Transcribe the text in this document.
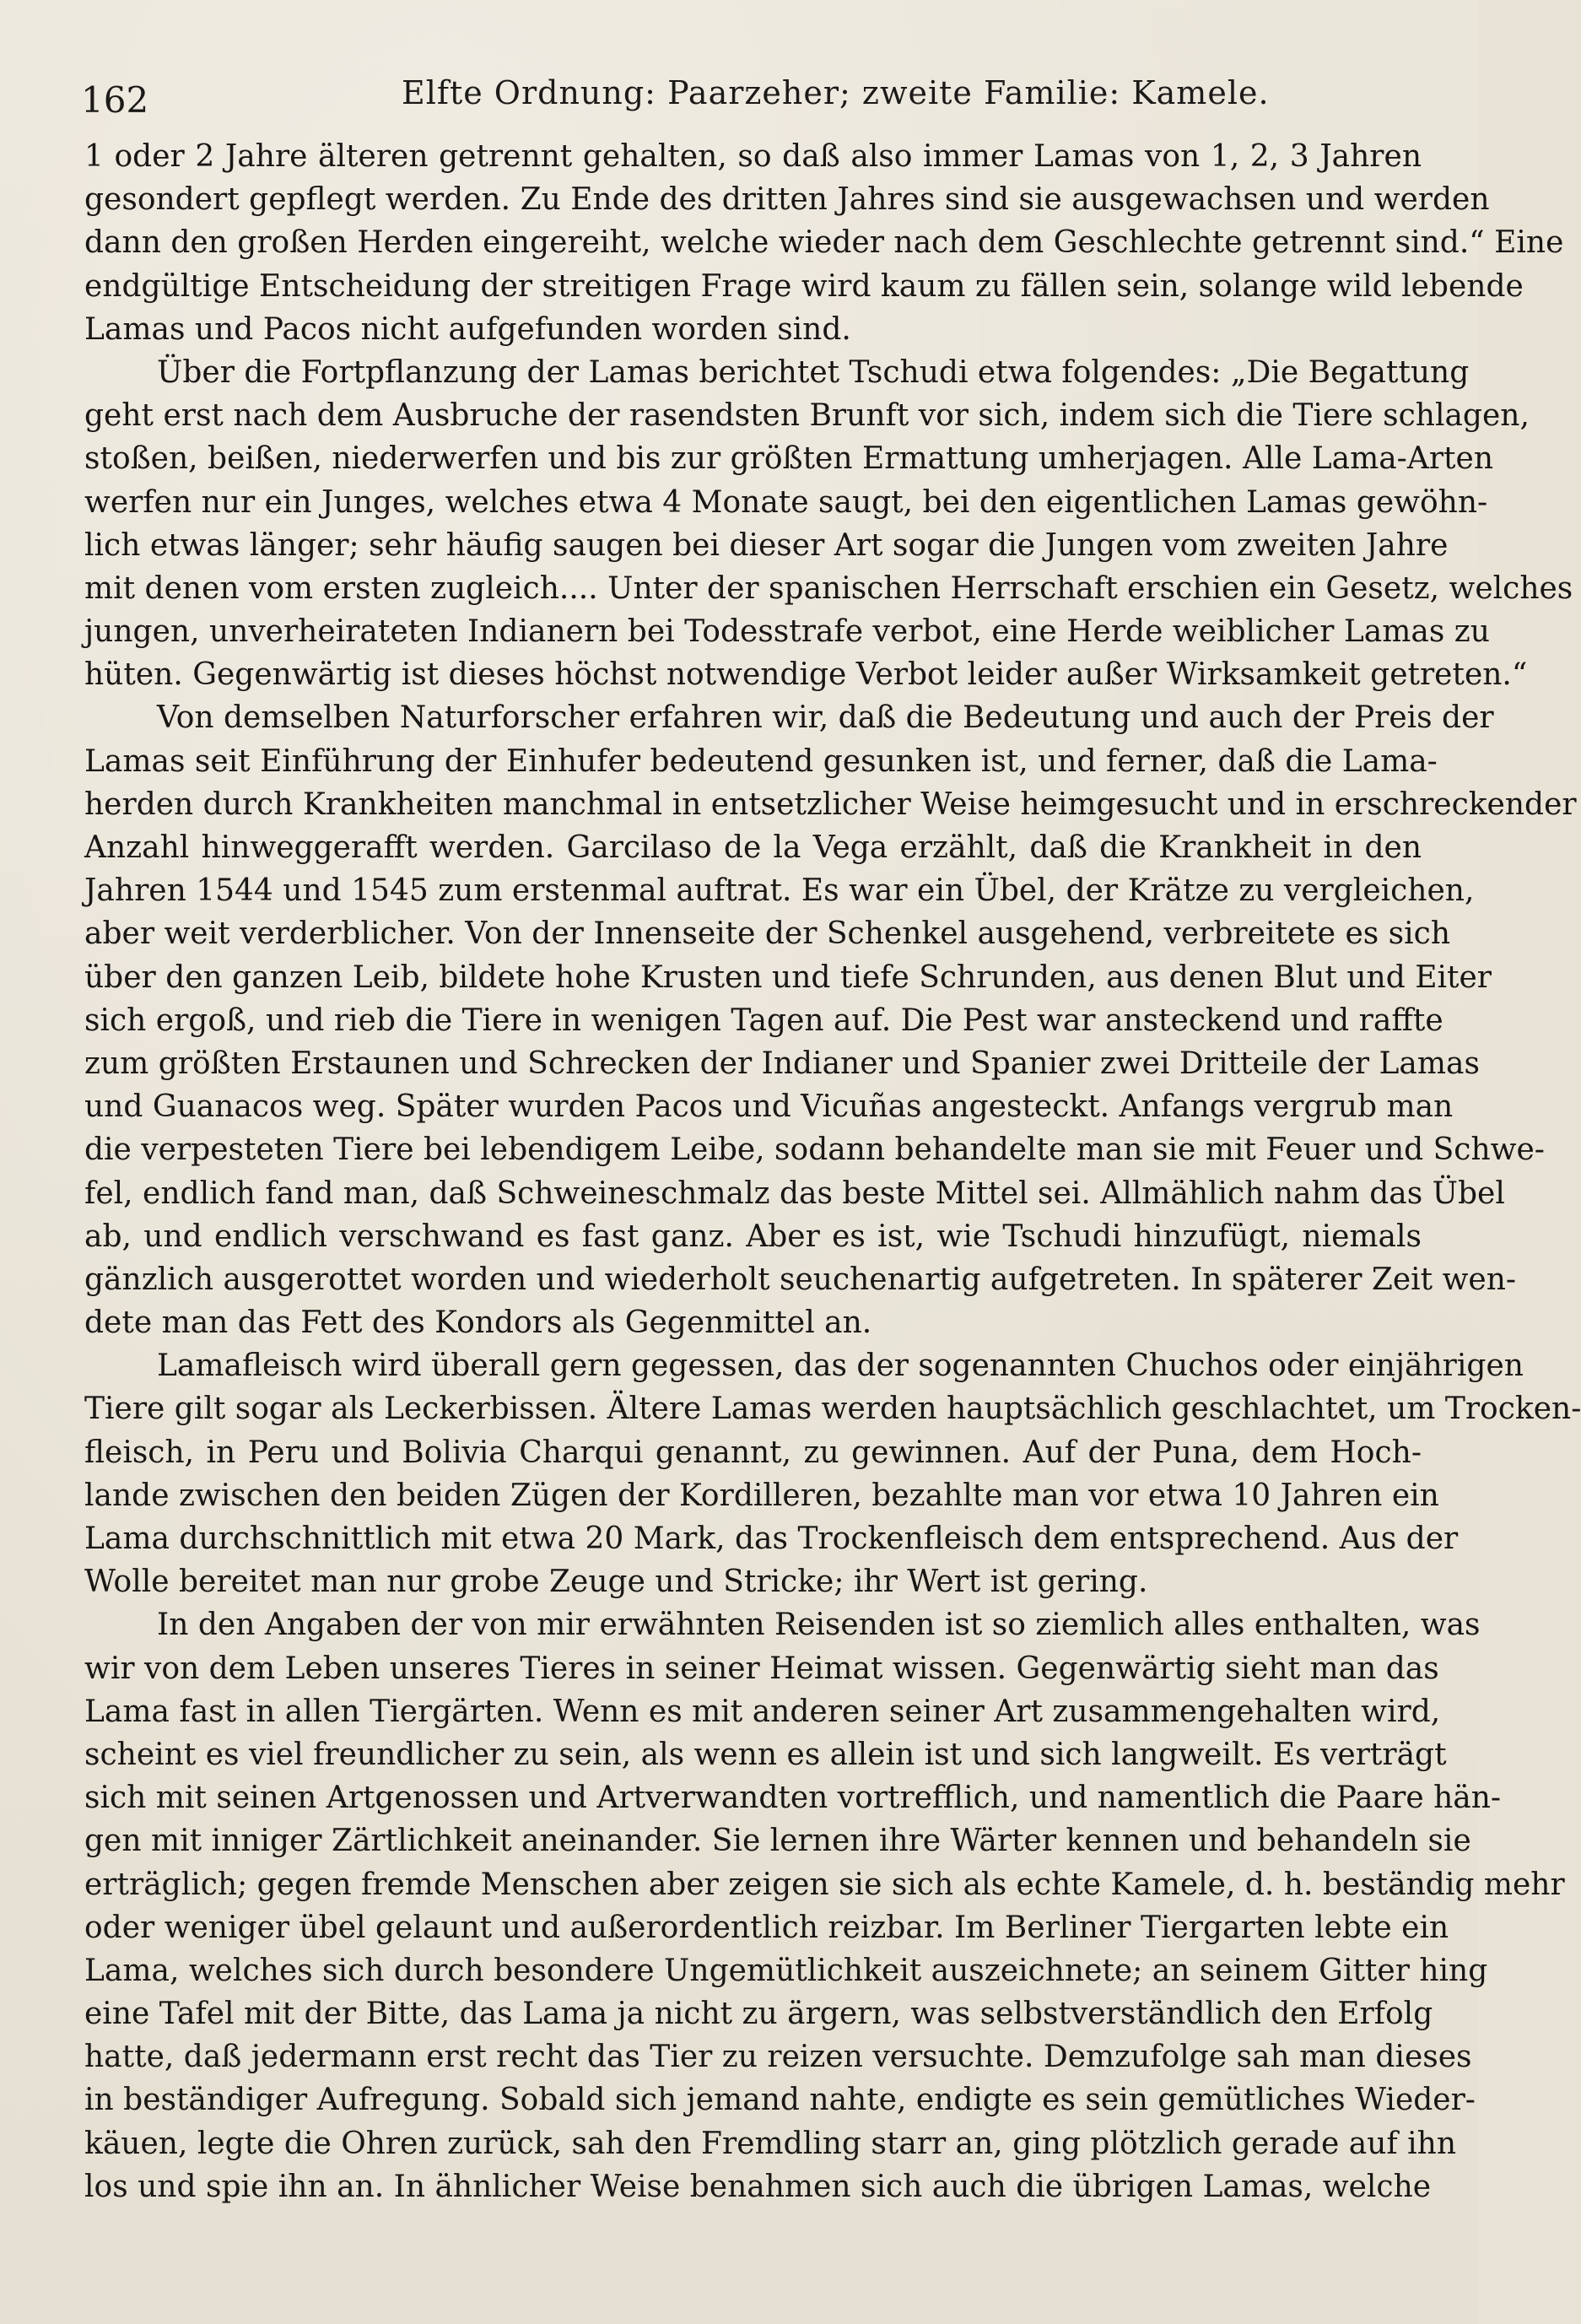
162	Elfte Ordnung: Paarzeher; zweite Familie: Kamele.
1 oder 2 Jahre älteren getrennt gehalten, so daß also immer Lamas von 1, 2, 3 Jahren
gesondert gepflegt werden. Zu Ende des dritten Jahres sind sie ausgewachsen und werden
dann den großen Herden eingereiht, welche wieder nach dem Geschlechte getrennt sind.“ Eine
endgültige Entscheidung der streitigen Frage wird kaum zu fällen sein, solange wild lebende
Lamas und Pacos nicht aufgefunden worden sind.
Über die Fortpflanzung der Lamas berichtet Tschudi etwa folgendes: „Die Begattung
geht erst nach dem Ausbruche der rasendsten Brunft vor sich, indem sich die Tiere schlagen,
stoßen, beißen, niederwerfen und bis zur größten Ermattung umherjagen. Alle Lama-Arten
werfen nur ein Junges, welches etwa 4 Monate saugt, bei den eigentlichen Lamas gewöhn-
lich etwas länger; sehr häufig saugen bei dieser Art sogar die Jungen vom zweiten Jahre
mit denen vom ersten zugleich.... Unter der spanischen Herrschaft erschien ein Gesetz, welches
jungen, unverheirateten Indianern bei Todesstrafe verbot, eine Herde weiblicher Lamas zu
hüten. Gegenwärtig ist dieses höchst notwendige Verbot leider außer Wirksamkeit getreten.“
Von demselben Naturforscher erfahren wir, daß die Bedeutung und auch der Preis der
Lamas seit Einführung der Einhufer bedeutend gesunken ist, und ferner, daß die Lama-
herden durch Krankheiten manchmal in entsetzlicher Weise heimgesucht und in erschreckender
Anzahl hinweggerafft werden. Garcilaso de la Vega erzählt, daß die Krankheit in den
Jahren 1544 und 1545 zum erstenmal auftrat. Es war ein Übel, der Krätze zu vergleichen,
aber weit verderblicher. Von der Innenseite der Schenkel ausgehend, verbreitete es sich
über den ganzen Leib, bildete hohe Krusten und tiefe Schrunden, aus denen Blut und Eiter
sich ergoß, und rieb die Tiere in wenigen Tagen auf. Die Pest war ansteckend und raffte
zum größten Erstaunen und Schrecken der Indianer und Spanier zwei Dritteile der Lamas
und Guanacos weg. Später wurden Pacos und Vicuñas angesteckt. Anfangs vergrub man
die verpesteten Tiere bei lebendigem Leibe, sodann behandelte man sie mit Feuer und Schwe-
fel, endlich fand man, daß Schweineschmalz das beste Mittel sei. Allmählich nahm das Übel
ab, und endlich verschwand es fast ganz. Aber es ist, wie Tschudi hinzufügt, niemals
gänzlich ausgerottet worden und wiederholt seuchenartig aufgetreten. In späterer Zeit wen-
dete man das Fett des Kondors als Gegenmittel an.
Lamafleisch wird überall gern gegessen, das der sogenannten Chuchos oder einjährigen
Tiere gilt sogar als Leckerbissen. Ältere Lamas werden hauptsächlich geschlachtet, um Trocken-
fleisch, in Peru und Bolivia Charqui genannt, zu gewinnen. Auf der Puna, dem Hoch-
lande zwischen den beiden Zügen der Kordilleren, bezahlte man vor etwa 10 Jahren ein
Lama durchschnittlich mit etwa 20 Mark, das Trockenfleisch dem entsprechend. Aus der
Wolle bereitet man nur grobe Zeuge und Stricke; ihr Wert ist gering.
In den Angaben der von mir erwähnten Reisenden ist so ziemlich alles enthalten, was
wir von dem Leben unseres Tieres in seiner Heimat wissen. Gegenwärtig sieht man das
Lama fast in allen Tiergärten. Wenn es mit anderen seiner Art zusammengehalten wird,
scheint es viel freundlicher zu sein, als wenn es allein ist und sich langweilt. Es verträgt
sich mit seinen Artgenossen und Artverwandten vortrefflich, und namentlich die Paare hän-
gen mit inniger Zärtlichkeit aneinander. Sie lernen ihre Wärter kennen und behandeln sie
erträglich; gegen fremde Menschen aber zeigen sie sich als echte Kamele, d. h. beständig mehr
oder weniger übel gelaunt und außerordentlich reizbar. Im Berliner Tiergarten lebte ein
Lama, welches sich durch besondere Ungemütlichkeit auszeichnete; an seinem Gitter hing
eine Tafel mit der Bitte, das Lama ja nicht zu ärgern, was selbstverständlich den Erfolg
hatte, daß jedermann erst recht das Tier zu reizen versuchte. Demzufolge sah man dieses
in beständiger Aufregung. Sobald sich jemand nahte, endigte es sein gemütliches Wieder-
käuen, legte die Ohren zurück, sah den Fremdling starr an, ging plötzlich gerade auf ihn
los und spie ihn an. In ähnlicher Weise benahmen sich auch die übrigen Lamas, welche
